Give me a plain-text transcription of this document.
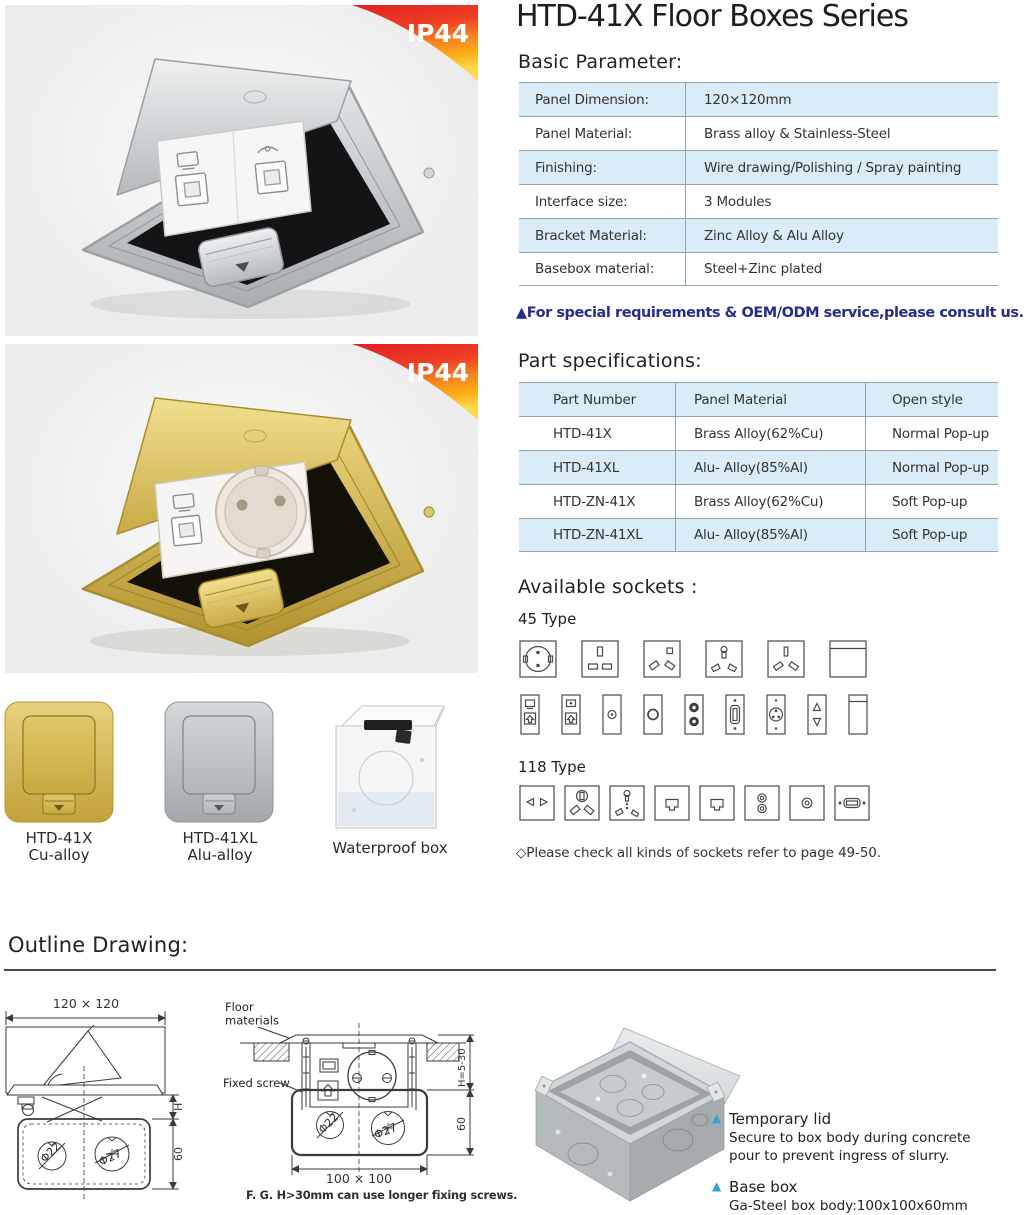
IP44
IP44
HTD-41X
Cu-alloy
HTD-41XL
Alu-alloy	Waterproof box
HTD-41X Floor Boxes Series
Basic Parameter:
Panel Dimension:	120×120mm
Panel Material:	Brass alloy & Stainless-Steel
Finishing:	Wire drawing/Polishing / Spray painting
Interface size:	3 Modules
Bracket Material:	Zinc Alloy & Alu Alloy
Basebox material:	Steel+Zinc plated
▲For special requirements & OEM/ODM service,please consult us.
Part specifications:
Part Number	Panel Material	Open style
HTD-41X	Brass Alloy(62%Cu)	Normal Pop-up
HTD-41XL	Alu- Alloy(85%Al)	Normal Pop-up
HTD-ZN-41X	Brass Alloy(62%Cu)	Soft Pop-up
HTD-ZN-41XL	Alu- Alloy(85%Al)	Soft Pop-up
Available sockets :
45 Type
118 Type
◇Please check all kinds of sockets refer to page 49-50.
Outline Drawing:
120 × 120
Φ22	Φ27
H
60
Floor
materials
Fixed screw
Φ22	Φ27
H=5-30
60
100 × 100
F. G. H>30mm can use longer fixing screws.
▲ Temporary lid
Secure to box body during concrete pour to prevent ingress of slurry.
▲ Base box
Ga-Steel box body:100x100x60mm
